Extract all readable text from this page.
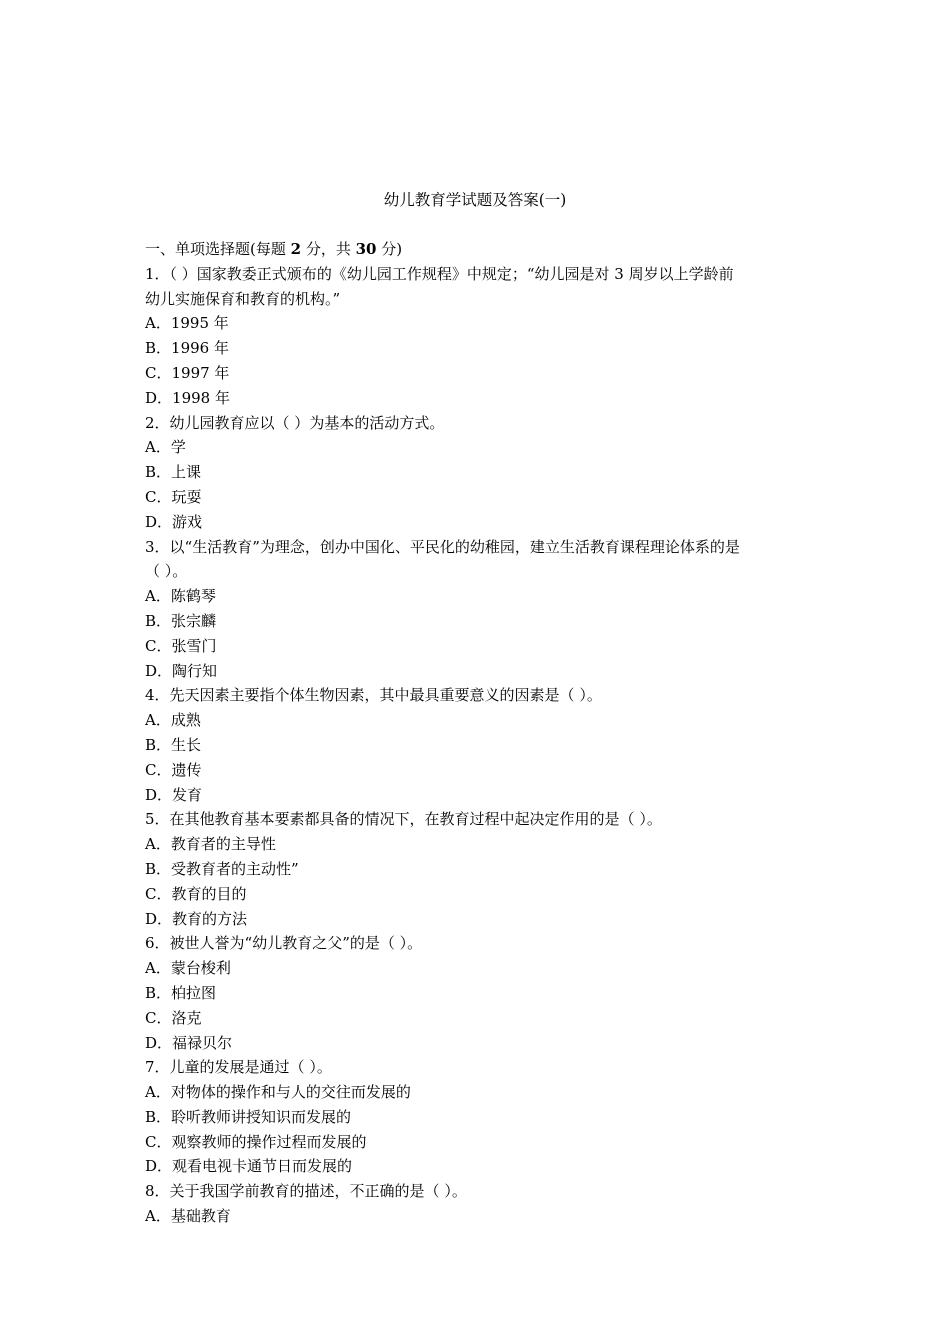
幼儿教育学试题及答案(一)
一、单项选择题(每题 2 分，共 30 分)
1．（ ）国家教委正式颁布的《幼儿园工作规程》中规定；“幼儿园是对 3 周岁以上学龄前
幼儿实施保育和教育的机构。”
A．1995 年
B．1996 年
C．1997 年
D．1998 年
2．幼儿园教育应以（ ）为基本的活动方式。
A．学
B．上课
C．玩耍
D．游戏
3．以“生活教育”为理念，创办中国化、平民化的幼稚园，建立生活教育课程理论体系的是
（ ）。
A．陈鹤琴
B．张宗麟
C．张雪门
D．陶行知
4．先天因素主要指个体生物因素，其中最具重要意义的因素是（ ）。
A．成熟
B．生长
C．遗传
D．发育
5．在其他教育基本要素都具备的情况下，在教育过程中起决定作用的是（ ）。
A．教育者的主导性
B．受教育者的主动性”
C．教育的目的
D．教育的方法
6．被世人誉为“幼儿教育之父”的是（ ）。
A．蒙台梭利
B．柏拉图
C．洛克
D．福禄贝尔
7．儿童的发展是通过（ ）。
A．对物体的操作和与人的交往而发展的
B．聆听教师讲授知识而发展的
C．观察教师的操作过程而发展的
D．观看电视卡通节日而发展的
8．关于我国学前教育的描述，不正确的是（ ）。
A．基础教育
